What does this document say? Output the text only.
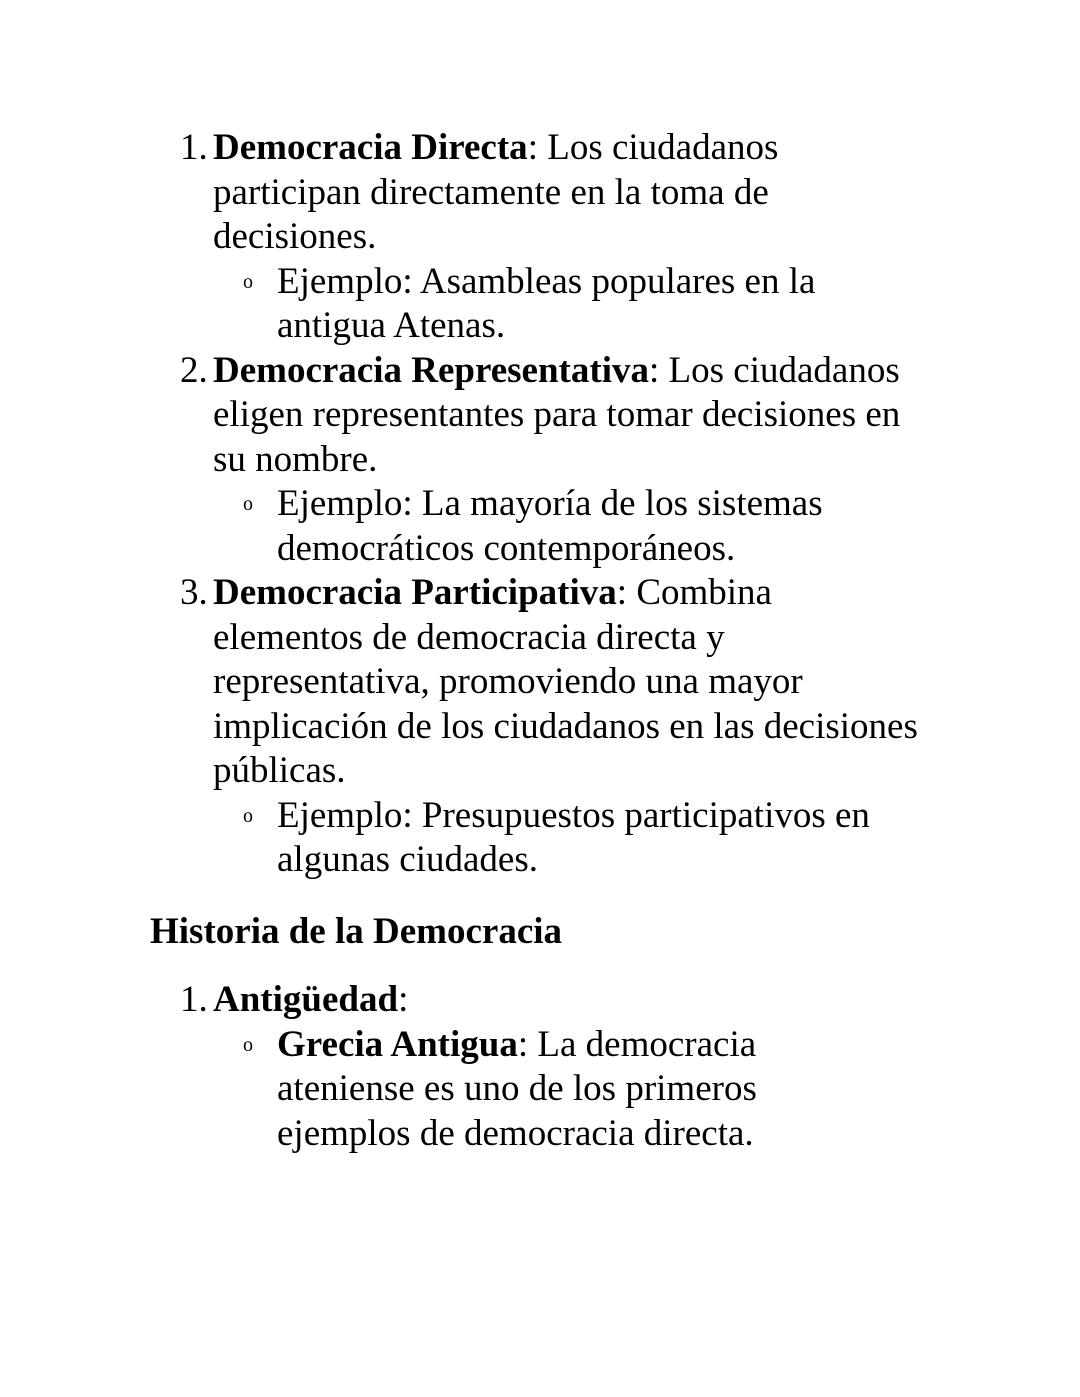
1. Democracia Directa: Los ciudadanos participan directamente en la toma de decisiones.
o Ejemplo: Asambleas populares en la antigua Atenas.
2. Democracia Representativa: Los ciudadanos eligen representantes para tomar decisiones en su nombre.
o Ejemplo: La mayoría de los sistemas democráticos contemporáneos.
3. Democracia Participativa: Combina elementos de democracia directa y representativa, promoviendo una mayor implicación de los ciudadanos en las decisiones públicas.
o Ejemplo: Presupuestos participativos en algunas ciudades.
Historia de la Democracia
1. Antigüedad:
o Grecia Antigua: La democracia ateniense es uno de los primeros ejemplos de democracia directa.
